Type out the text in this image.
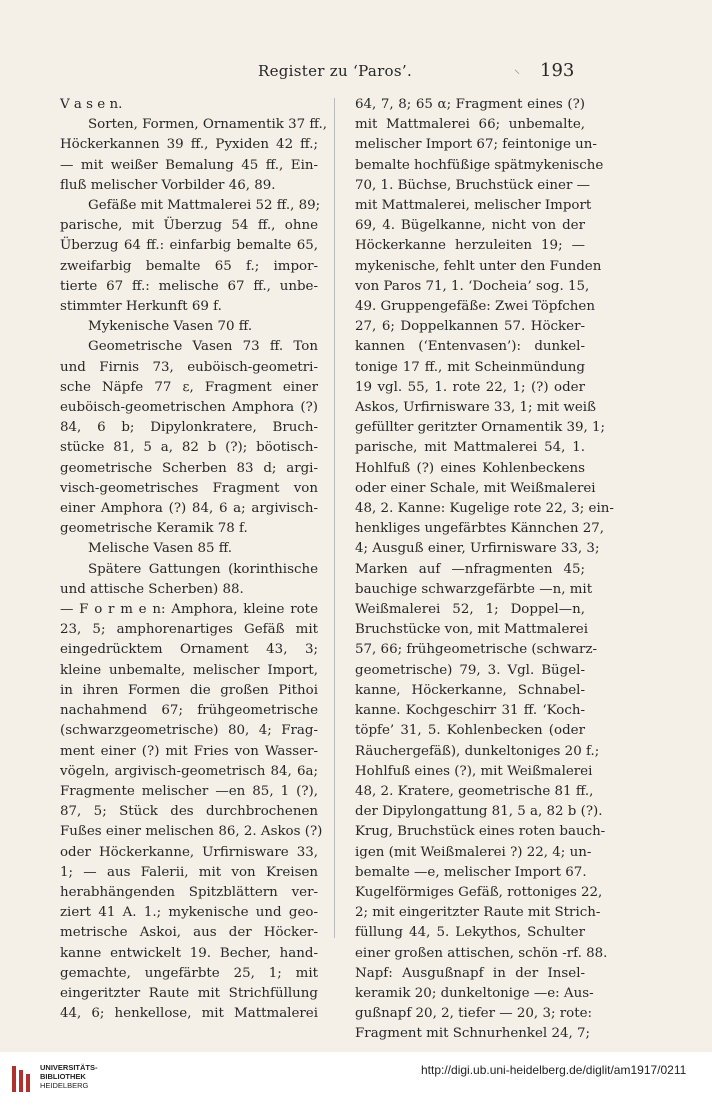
Register zu ‘Paros’.	⸜ 193
V a s e n.
Sorten, Formen, Ornamentik 37 ff.,
Höckerkannen 39 ff., Pyxiden 42 ff.;
— mit weißer Bemalung 45 ff., Ein-
fluß melischer Vorbilder 46, 89.
Gefäße mit Mattmalerei 52 ff., 89;
parische, mit Überzug 54 ff., ohne
Überzug 64 ff.: einfarbig bemalte 65,
zweifarbig bemalte 65 f.; impor-
tierte 67 ff.: melische 67 ff., unbe-
stimmter Herkunft 69 f.
Mykenische Vasen 70 ff.
Geometrische Vasen 73 ff. Ton
und Firnis 73, euböisch-geometri-
sche Näpfe 77 ε, Fragment einer
euböisch-geometrischen Amphora (?)
84, 6 b; Dipylonkratere, Bruch-
stücke 81, 5 a, 82 b (?); böotisch-
geometrische Scherben 83 d; argi-
visch-geometrisches Fragment von
einer Amphora (?) 84, 6 a; argivisch-
geometrische Keramik 78 f.
Melische Vasen 85 ff.
Spätere Gattungen (korinthische
und attische Scherben) 88.
— F o r m e n: Amphora, kleine rote
23, 5; amphorenartiges Gefäß mit
eingedrücktem Ornament 43, 3;
kleine unbemalte, melischer Import,
in ihren Formen die großen Pithoi
nachahmend 67; frühgeometrische
(schwarzgeometrische) 80, 4; Frag-
ment einer (?) mit Fries von Wasser-
vögeln, argivisch-geometrisch 84, 6a;
Fragmente melischer —en 85, 1 (?),
87, 5; Stück des durchbrochenen
Fußes einer melischen 86, 2. Askos (?)
oder Höckerkanne, Urfirnisware 33,
1; — aus Falerii, mit von Kreisen
herabhängenden Spitzblättern ver-
ziert 41 A. 1.; mykenische und geo-
metrische Askoi, aus der Höcker-
kanne entwickelt 19. Becher, hand-
gemachte, ungefärbte 25, 1; mit
eingeritzter Raute mit Strichfüllung
44, 6; henkellose, mit Mattmalerei
64, 7, 8; 65 α; Fragment eines (?)
mit Mattmalerei 66; unbemalte,
melischer Import 67; feintonige un-
bemalte hochfüßige spätmykenische
70, 1. Büchse, Bruchstück einer —
mit Mattmalerei, melischer Import
69, 4. Bügelkanne, nicht von der
Höckerkanne herzuleiten 19; —
mykenische, fehlt unter den Funden
von Paros 71, 1. ‘Docheia’ sog. 15,
49. Gruppengefäße: Zwei Töpfchen
27, 6; Doppelkannen 57. Höcker-
kannen (‘Entenvasen’): dunkel-
tonige 17 ff., mit Scheinmündung
19 vgl. 55, 1. rote 22, 1; (?) oder
Askos, Urfirnisware 33, 1; mit weiß
gefüllter geritzter Ornamentik 39, 1;
parische, mit Mattmalerei 54, 1.
Hohlfuß (?) eines Kohlenbeckens
oder einer Schale, mit Weißmalerei
48, 2. Kanne: Kugelige rote 22, 3; ein-
henkliges ungefärbtes Kännchen 27,
4; Ausguß einer, Urfirnisware 33, 3;
Marken auf —nfragmenten 45;
bauchige schwarzgefärbte —n, mit
Weißmalerei 52, 1; Doppel—n,
Bruchstücke von, mit Mattmalerei
57, 66; frühgeometrische (schwarz-
geometrische) 79, 3. Vgl. Bügel-
kanne, Höckerkanne, Schnabel-
kanne. Kochgeschirr 31 ff. ‘Koch-
töpfe’ 31, 5. Kohlenbecken (oder
Räuchergefäß), dunkeltoniges 20 f.;
Hohlfuß eines (?), mit Weißmalerei
48, 2. Kratere, geometrische 81 ff.,
der Dipylongattung 81, 5 a, 82 b (?).
Krug, Bruchstück eines roten bauch-
igen (mit Weißmalerei ?) 22, 4; un-
bemalte —e, melischer Import 67.
Kugelförmiges Gefäß, rottoniges 22,
2; mit eingeritzter Raute mit Strich-
füllung 44, 5. Lekythos, Schulter
einer großen attischen, schön -rf. 88.
Napf: Ausgußnapf in der Insel-
keramik 20; dunkeltonige —e: Aus-
gußnapf 20, 2, tiefer — 20, 3; rote:
Fragment mit Schnurhenkel 24, 7;
UNIVERSITÄTS-
BIBLIOTHEK
HEIDELBERG
http://digi.ub.uni-heidelberg.de/diglit/am1917/0211
